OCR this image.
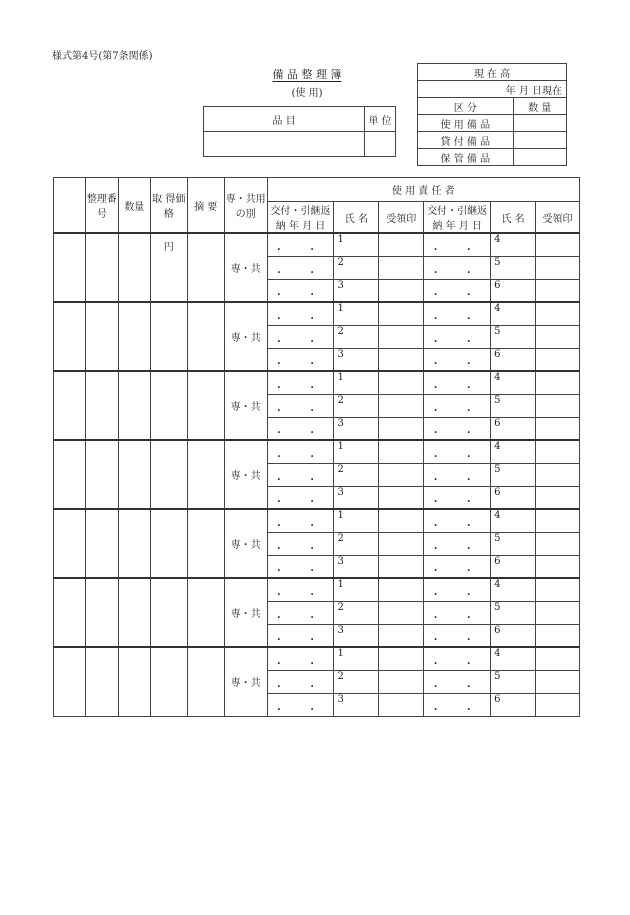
様式第4号(第7条関係)
備 品 整 理 簿
(使 用)
品 目	単 位

現 在 高	
年 月 日現在	
区 分	数 量
使 用 備 品	
貸 付 備 品	
保 管 備 品	
	整理番号	数量	取 得価 格	摘 要	専・共用の別	使 用 責 任 者					
						交付・引継返納 年 月 日	氏 名	受領印	交付・引継返納 年 月 日	氏 名	受領印
			円		専・共	・ ・	1		・ ・	4	
						・ ・	2		・ ・	5	
						・ ・	3		・ ・	6	
					専・共	・ ・	1		・ ・	4	
						・ ・	2		・ ・	5	
						・ ・	3		・ ・	6	
					専・共	・ ・	1		・ ・	4	
						・ ・	2		・ ・	5	
						・ ・	3		・ ・	6	
					専・共	・ ・	1		・ ・	4	
						・ ・	2		・ ・	5	
						・ ・	3		・ ・	6	
					専・共	・ ・	1		・ ・	4	
						・ ・	2		・ ・	5	
						・ ・	3		・ ・	6	
					専・共	・ ・	1		・ ・	4	
						・ ・	2		・ ・	5	
						・ ・	3		・ ・	6	
					専・共	・ ・	1		・ ・	4	
						・ ・	2		・ ・	5	
						・ ・	3		・ ・	6	
